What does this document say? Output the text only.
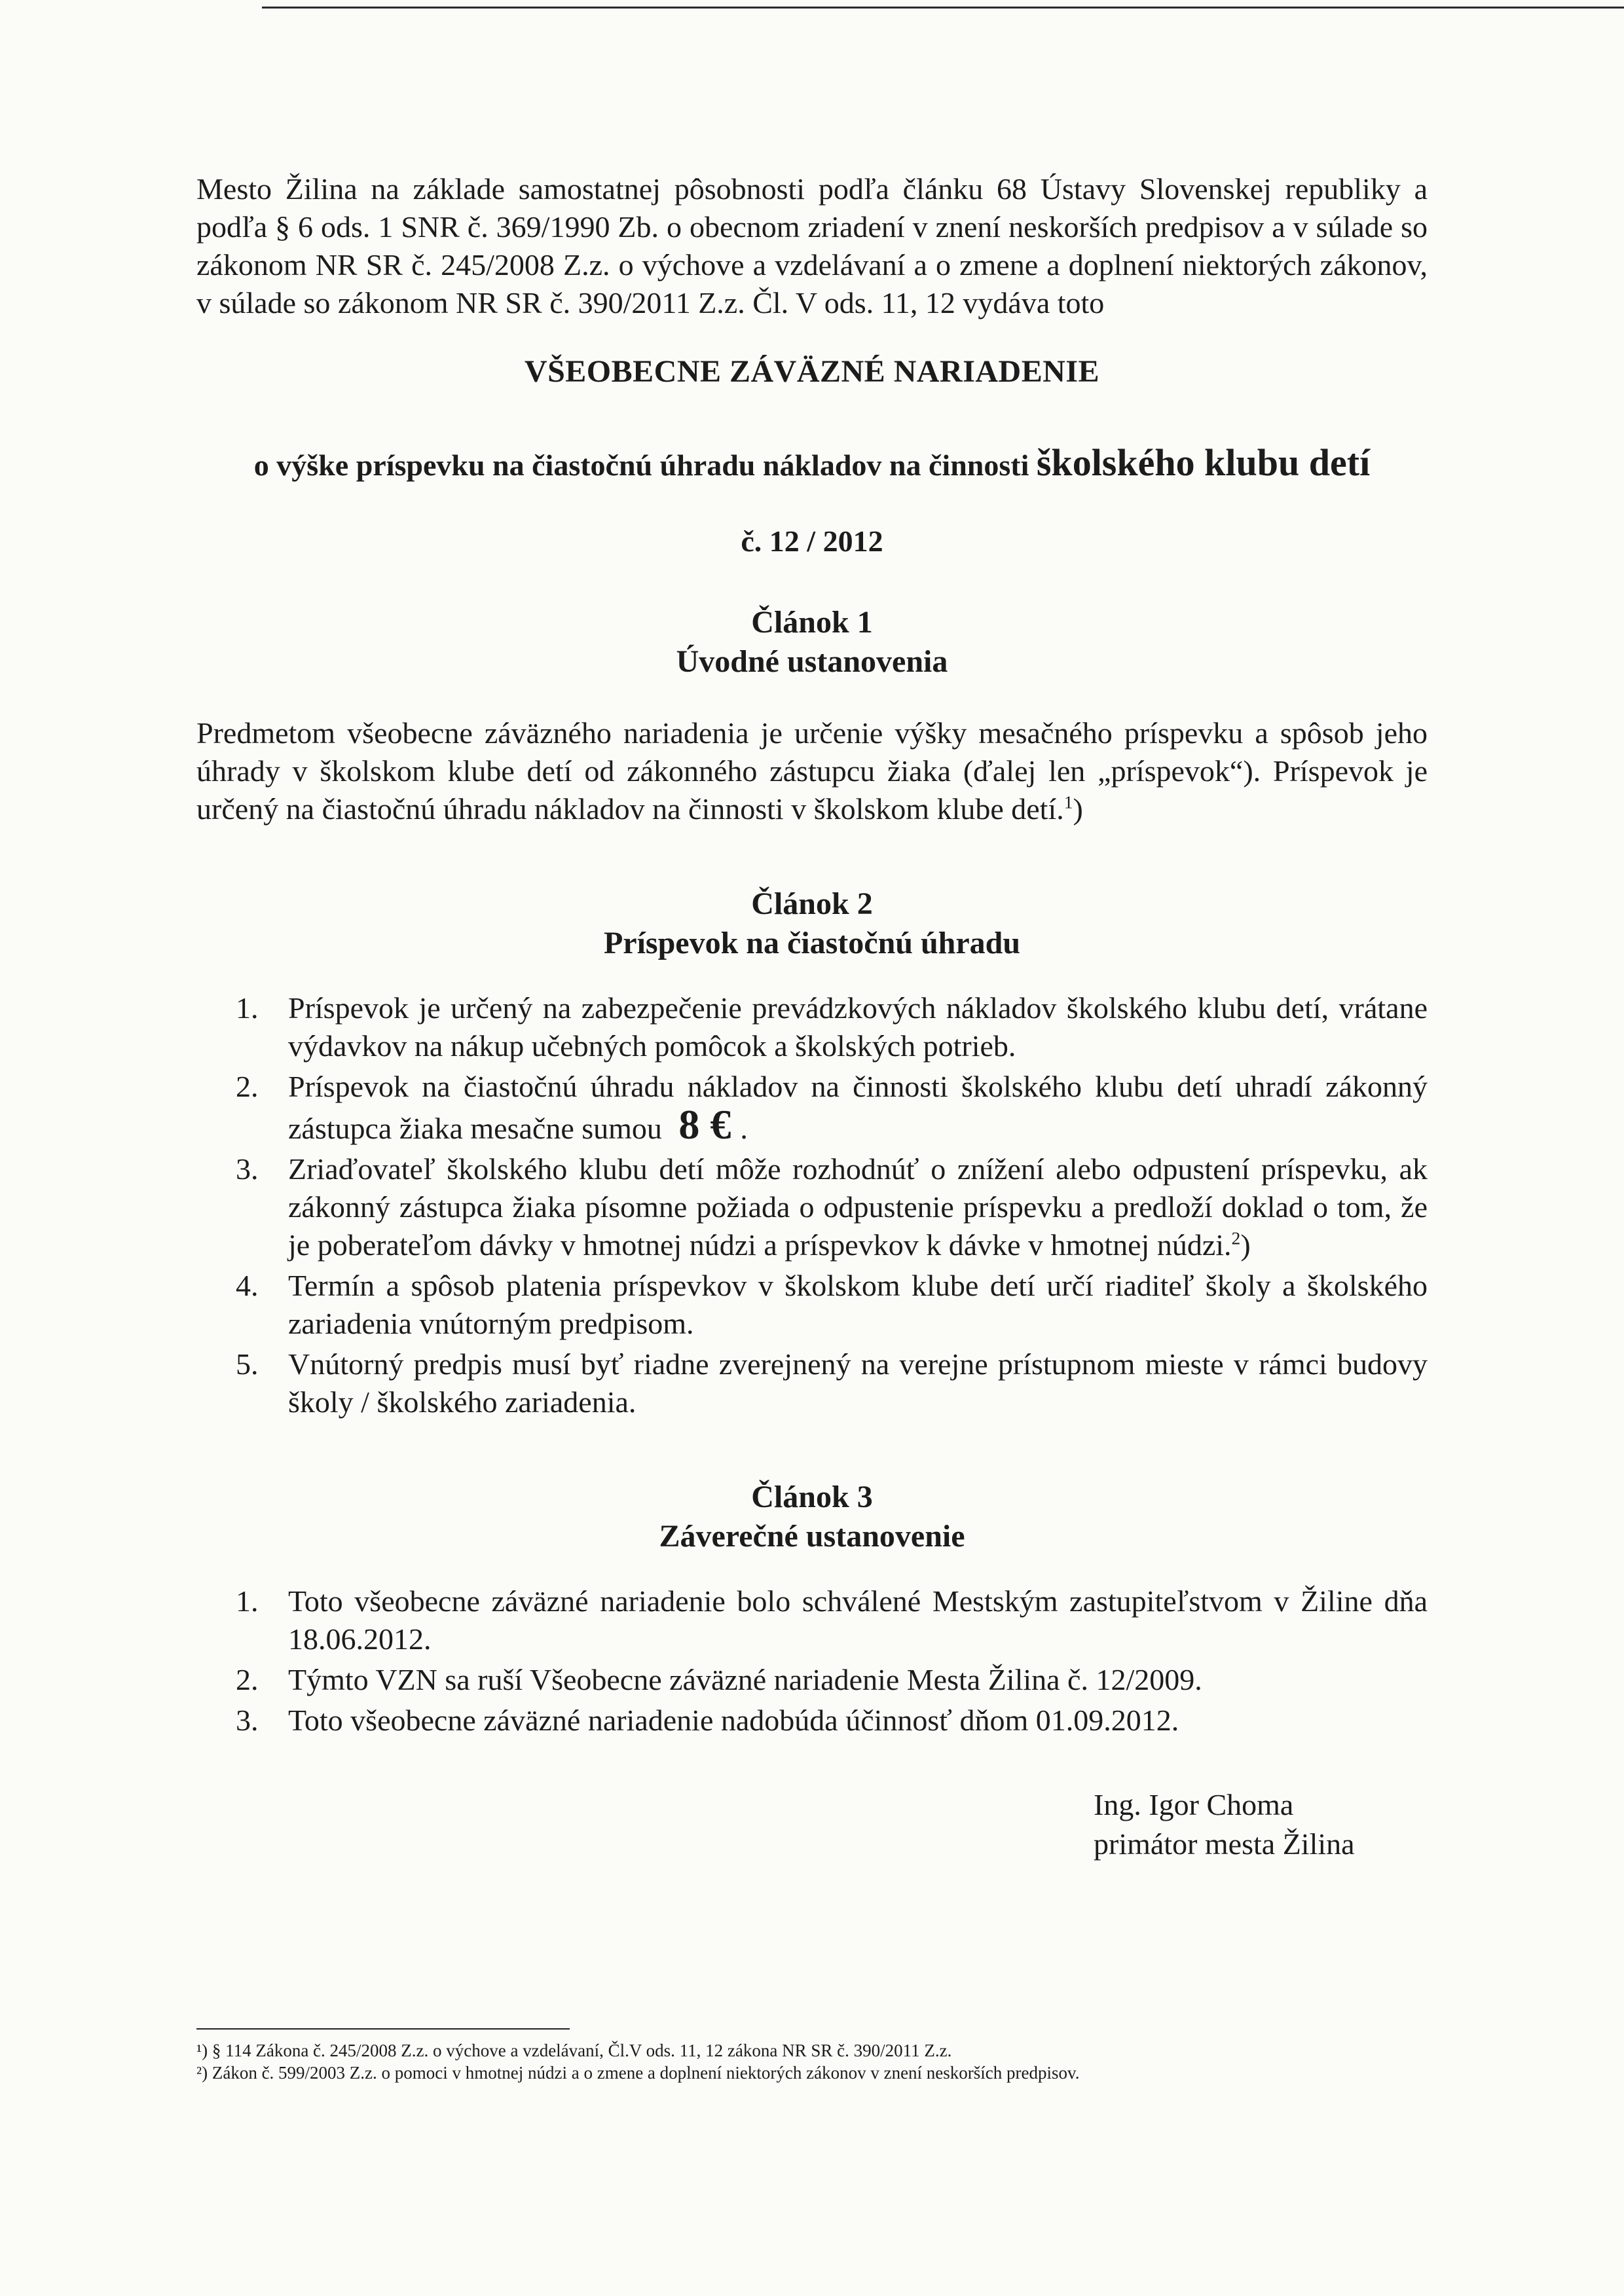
Mesto Žilina na základe samostatnej pôsobnosti podľa článku 68 Ústavy Slovenskej republiky a podľa § 6 ods. 1 SNR č. 369/1990 Zb. o obecnom zriadení v znení neskorších predpisov a v súlade so zákonom NR SR č. 245/2008 Z.z. o výchove a vzdelávaní a o zmene a doplnení niektorých zákonov, v súlade so zákonom NR SR č. 390/2011 Z.z. Čl. V ods. 11, 12 vydáva toto

VŠEOBECNE ZÁVÄZNÉ NARIADENIE

o výške príspevku na čiastočnú úhradu nákladov na činnosti školského klubu detí

č. 12 / 2012

Článok 1

Úvodné ustanovenia

Predmetom všeobecne záväzného nariadenia je určenie výšky mesačného príspevku a spôsob jeho úhrady v školskom klube detí od zákonného zástupcu žiaka (ďalej len „príspevok“). Príspevok je určený na čiastočnú úhradu nákladov na činnosti v školskom klube detí.$^1$)

Článok 2

Príspevok na čiastočnú úhradu

1. Príspevok je určený na zabezpečenie prevádzkových nákladov školského klubu detí, vrátane výdavkov na nákup učebných pomôcok a školských potrieb.
2. Príspevok na čiastočnú úhradu nákladov na činnosti školského klubu detí uhradí zákonný zástupca žiaka mesačne sumou 8 € .
3. Zriaďovateľ školského klubu detí môže rozhodnúť o znížení alebo odpustení príspevku, ak zákonný zástupca žiaka písomne požiada o odpustenie príspevku a predloží doklad o tom, že je poberateľom dávky v hmotnej núdzi a príspevkov k dávke v hmotnej núdzi.$^2$)
4. Termín a spôsob platenia príspevkov v školskom klube detí určí riaditeľ školy a školského zariadenia vnútorným predpisom.
5. Vnútorný predpis musí byť riadne zverejnený na verejne prístupnom mieste v rámci budovy školy / školského zariadenia.

Článok 3

Záverečné ustanovenie

1. Toto všeobecne záväzné nariadenie bolo schválené Mestským zastupiteľstvom v Žiline dňa 18.06.2012.
2. Týmto VZN sa ruší Všeobecne záväzné nariadenie Mesta Žilina č. 12/2009.
3. Toto všeobecne záväzné nariadenie nadobúda účinnosť dňom 01.09.2012.
Ing. Igor Choma
primátor mesta Žilina
¹) § 114 Zákona č. 245/2008 Z.z. o výchove a vzdelávaní, Čl.V ods. 11, 12 zákona NR SR č. 390/2011 Z.z.
²) Zákon č. 599/2003 Z.z. o pomoci v hmotnej núdzi a o zmene a doplnení niektorých zákonov v znení neskorších predpisov.
